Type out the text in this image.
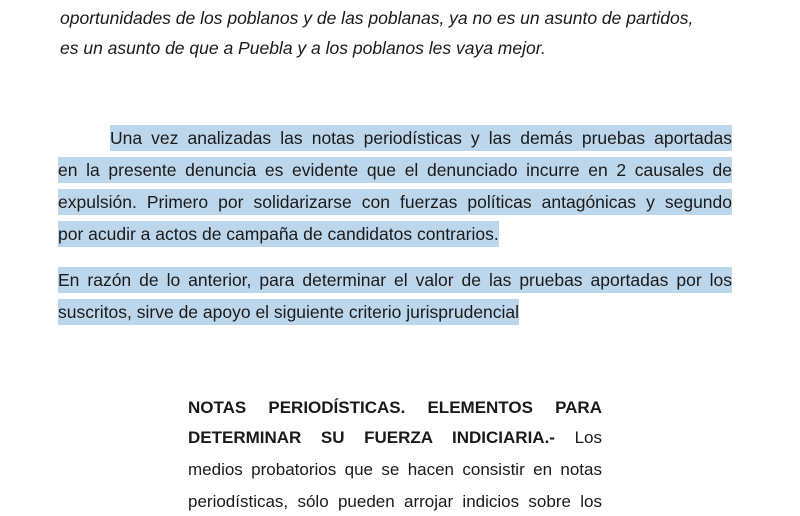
oportunidades de los poblanos y de las poblanas, ya no es un asunto de partidos,
es un asunto de que a Puebla y a los poblanos les vaya mejor.
Una vez analizadas las notas periodísticas y las demás pruebas aportadas
en la presente denuncia es evidente que el denunciado incurre en 2 causales de
expulsión. Primero por solidarizarse con fuerzas políticas antagónicas y segundo
por acudir a actos de campaña de candidatos contrarios.
En razón de lo anterior, para determinar el valor de las pruebas aportadas por los
suscritos, sirve de apoyo el siguiente criterio jurisprudencial
NOTAS PERIODÍSTICAS. ELEMENTOS PARA
DETERMINAR SU FUERZA INDICIARIA.- Los
medios probatorios que se hacen consistir en notas
periodísticas, sólo pueden arrojar indicios sobre los
